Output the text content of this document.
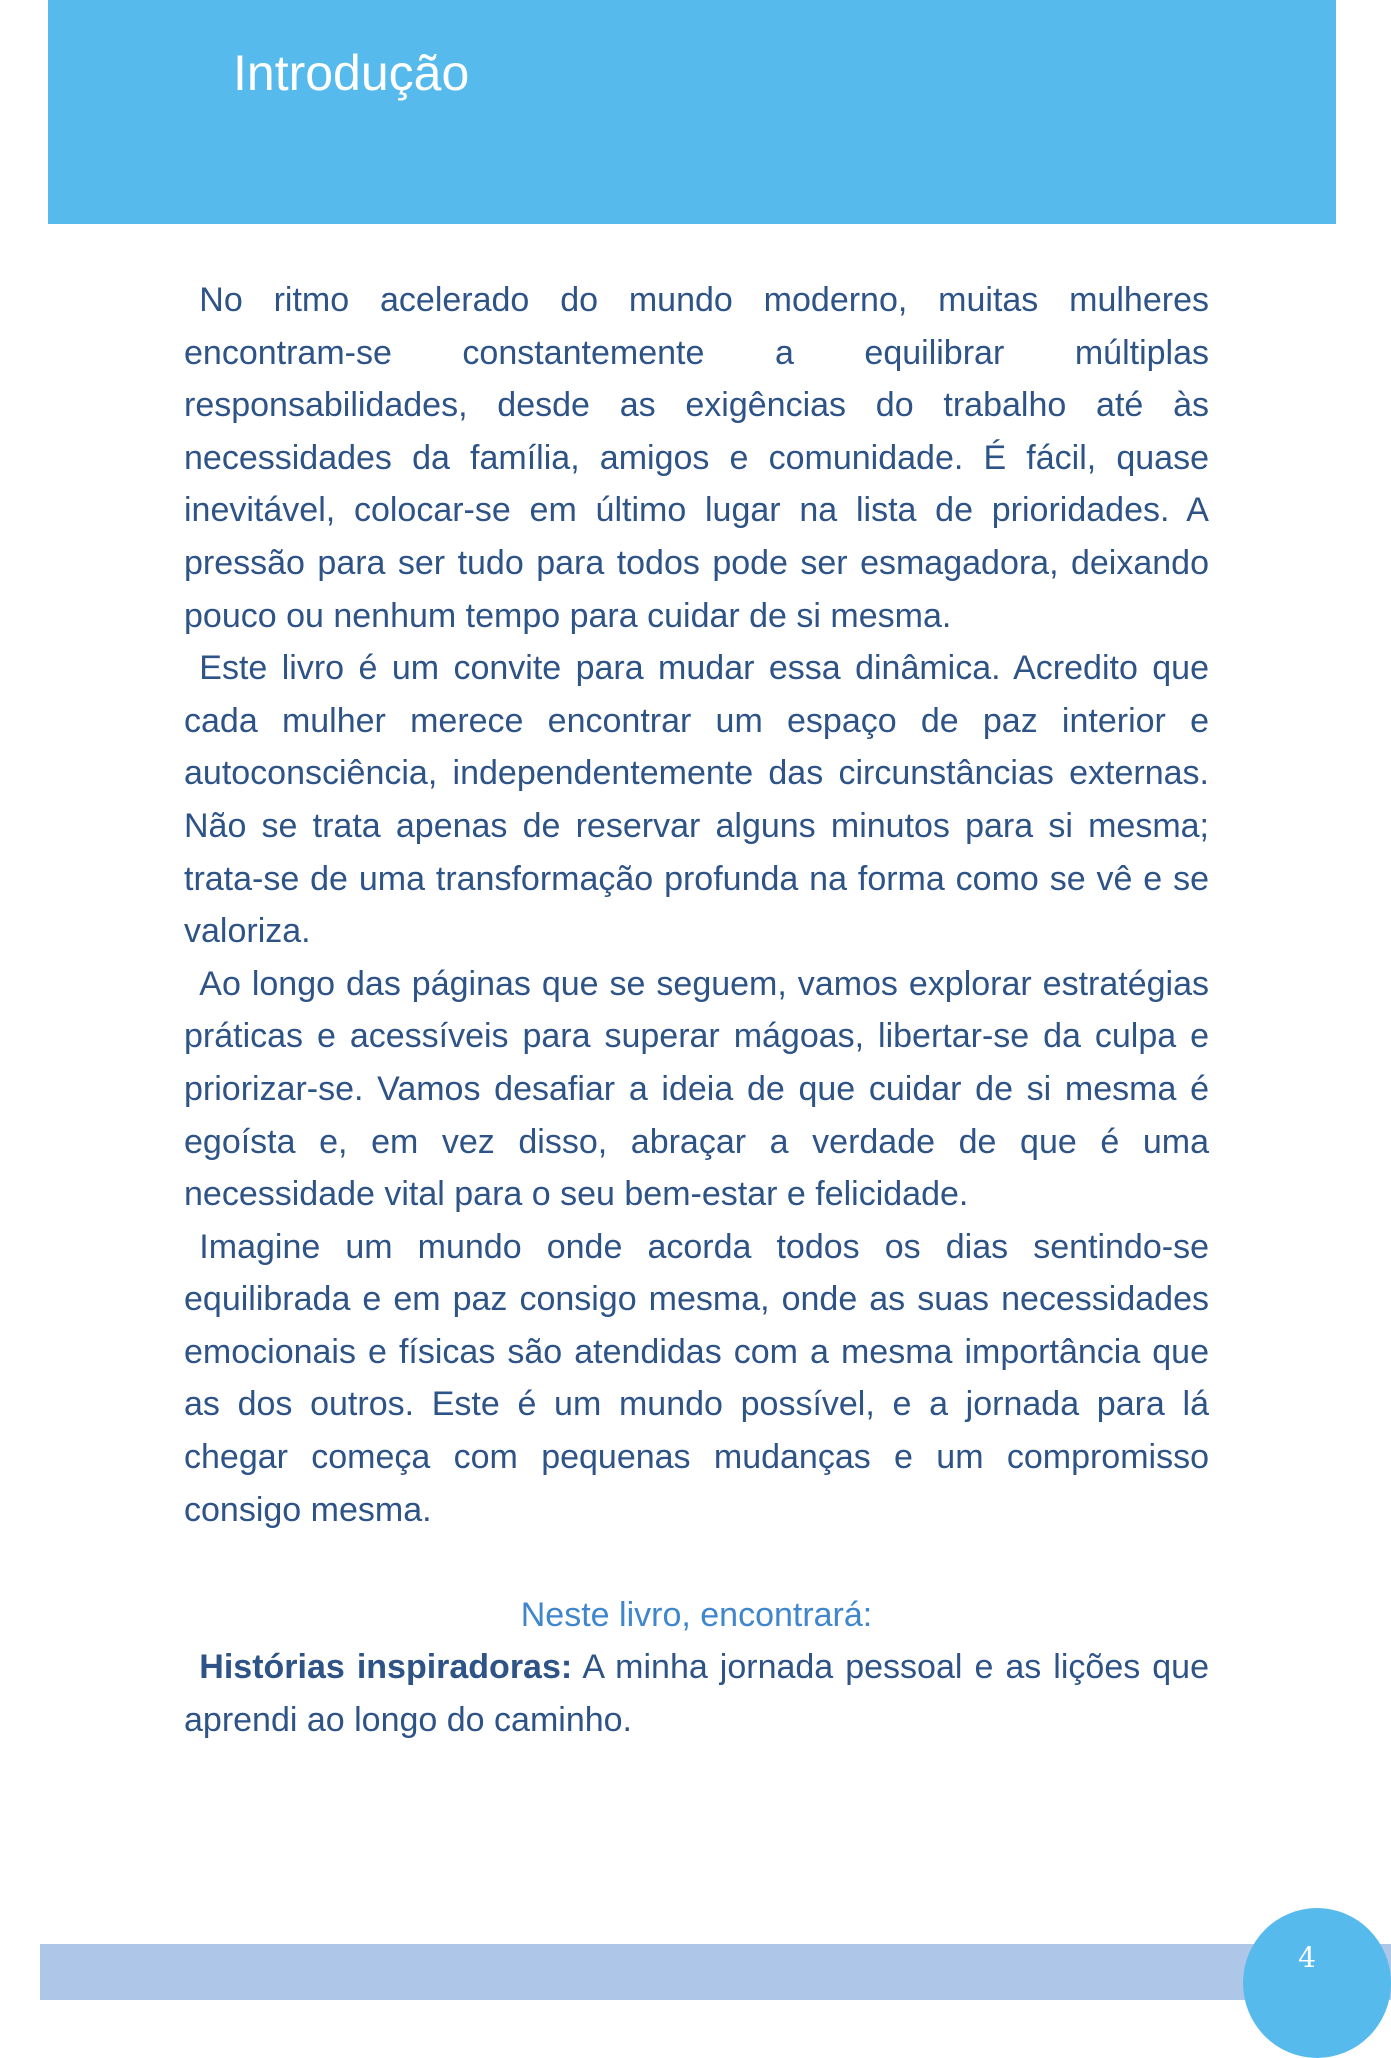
Introdução

No ritmo acelerado do mundo moderno, muitas mulheres encontram-se constantemente a equilibrar múltiplas responsabilidades, desde as exigências do trabalho até às necessidades da família, amigos e comunidade. É fácil, quase inevitável, colocar-se em último lugar na lista de prioridades. A pressão para ser tudo para todos pode ser esmagadora, deixando pouco ou nenhum tempo para cuidar de si mesma.

Este livro é um convite para mudar essa dinâmica. Acredito que cada mulher merece encontrar um espaço de paz interior e autoconsciência, independentemente das circunstâncias externas. Não se trata apenas de reservar alguns minutos para si mesma; trata-se de uma transformação profunda na forma como se vê e se valoriza.

Ao longo das páginas que se seguem, vamos explorar estratégias práticas e acessíveis para superar mágoas, libertar-se da culpa e priorizar-se. Vamos desafiar a ideia de que cuidar de si mesma é egoísta e, em vez disso, abraçar a verdade de que é uma necessidade vital para o seu bem-estar e felicidade.

Imagine um mundo onde acorda todos os dias sentindo-se equilibrada e em paz consigo mesma, onde as suas necessidades emocionais e físicas são atendidas com a mesma importância que as dos outros. Este é um mundo possível, e a jornada para lá chegar começa com pequenas mudanças e um compromisso consigo mesma.

Neste livro, encontrará:

Histórias inspiradoras: A minha jornada pessoal e as lições que aprendi ao longo do caminho.

4
